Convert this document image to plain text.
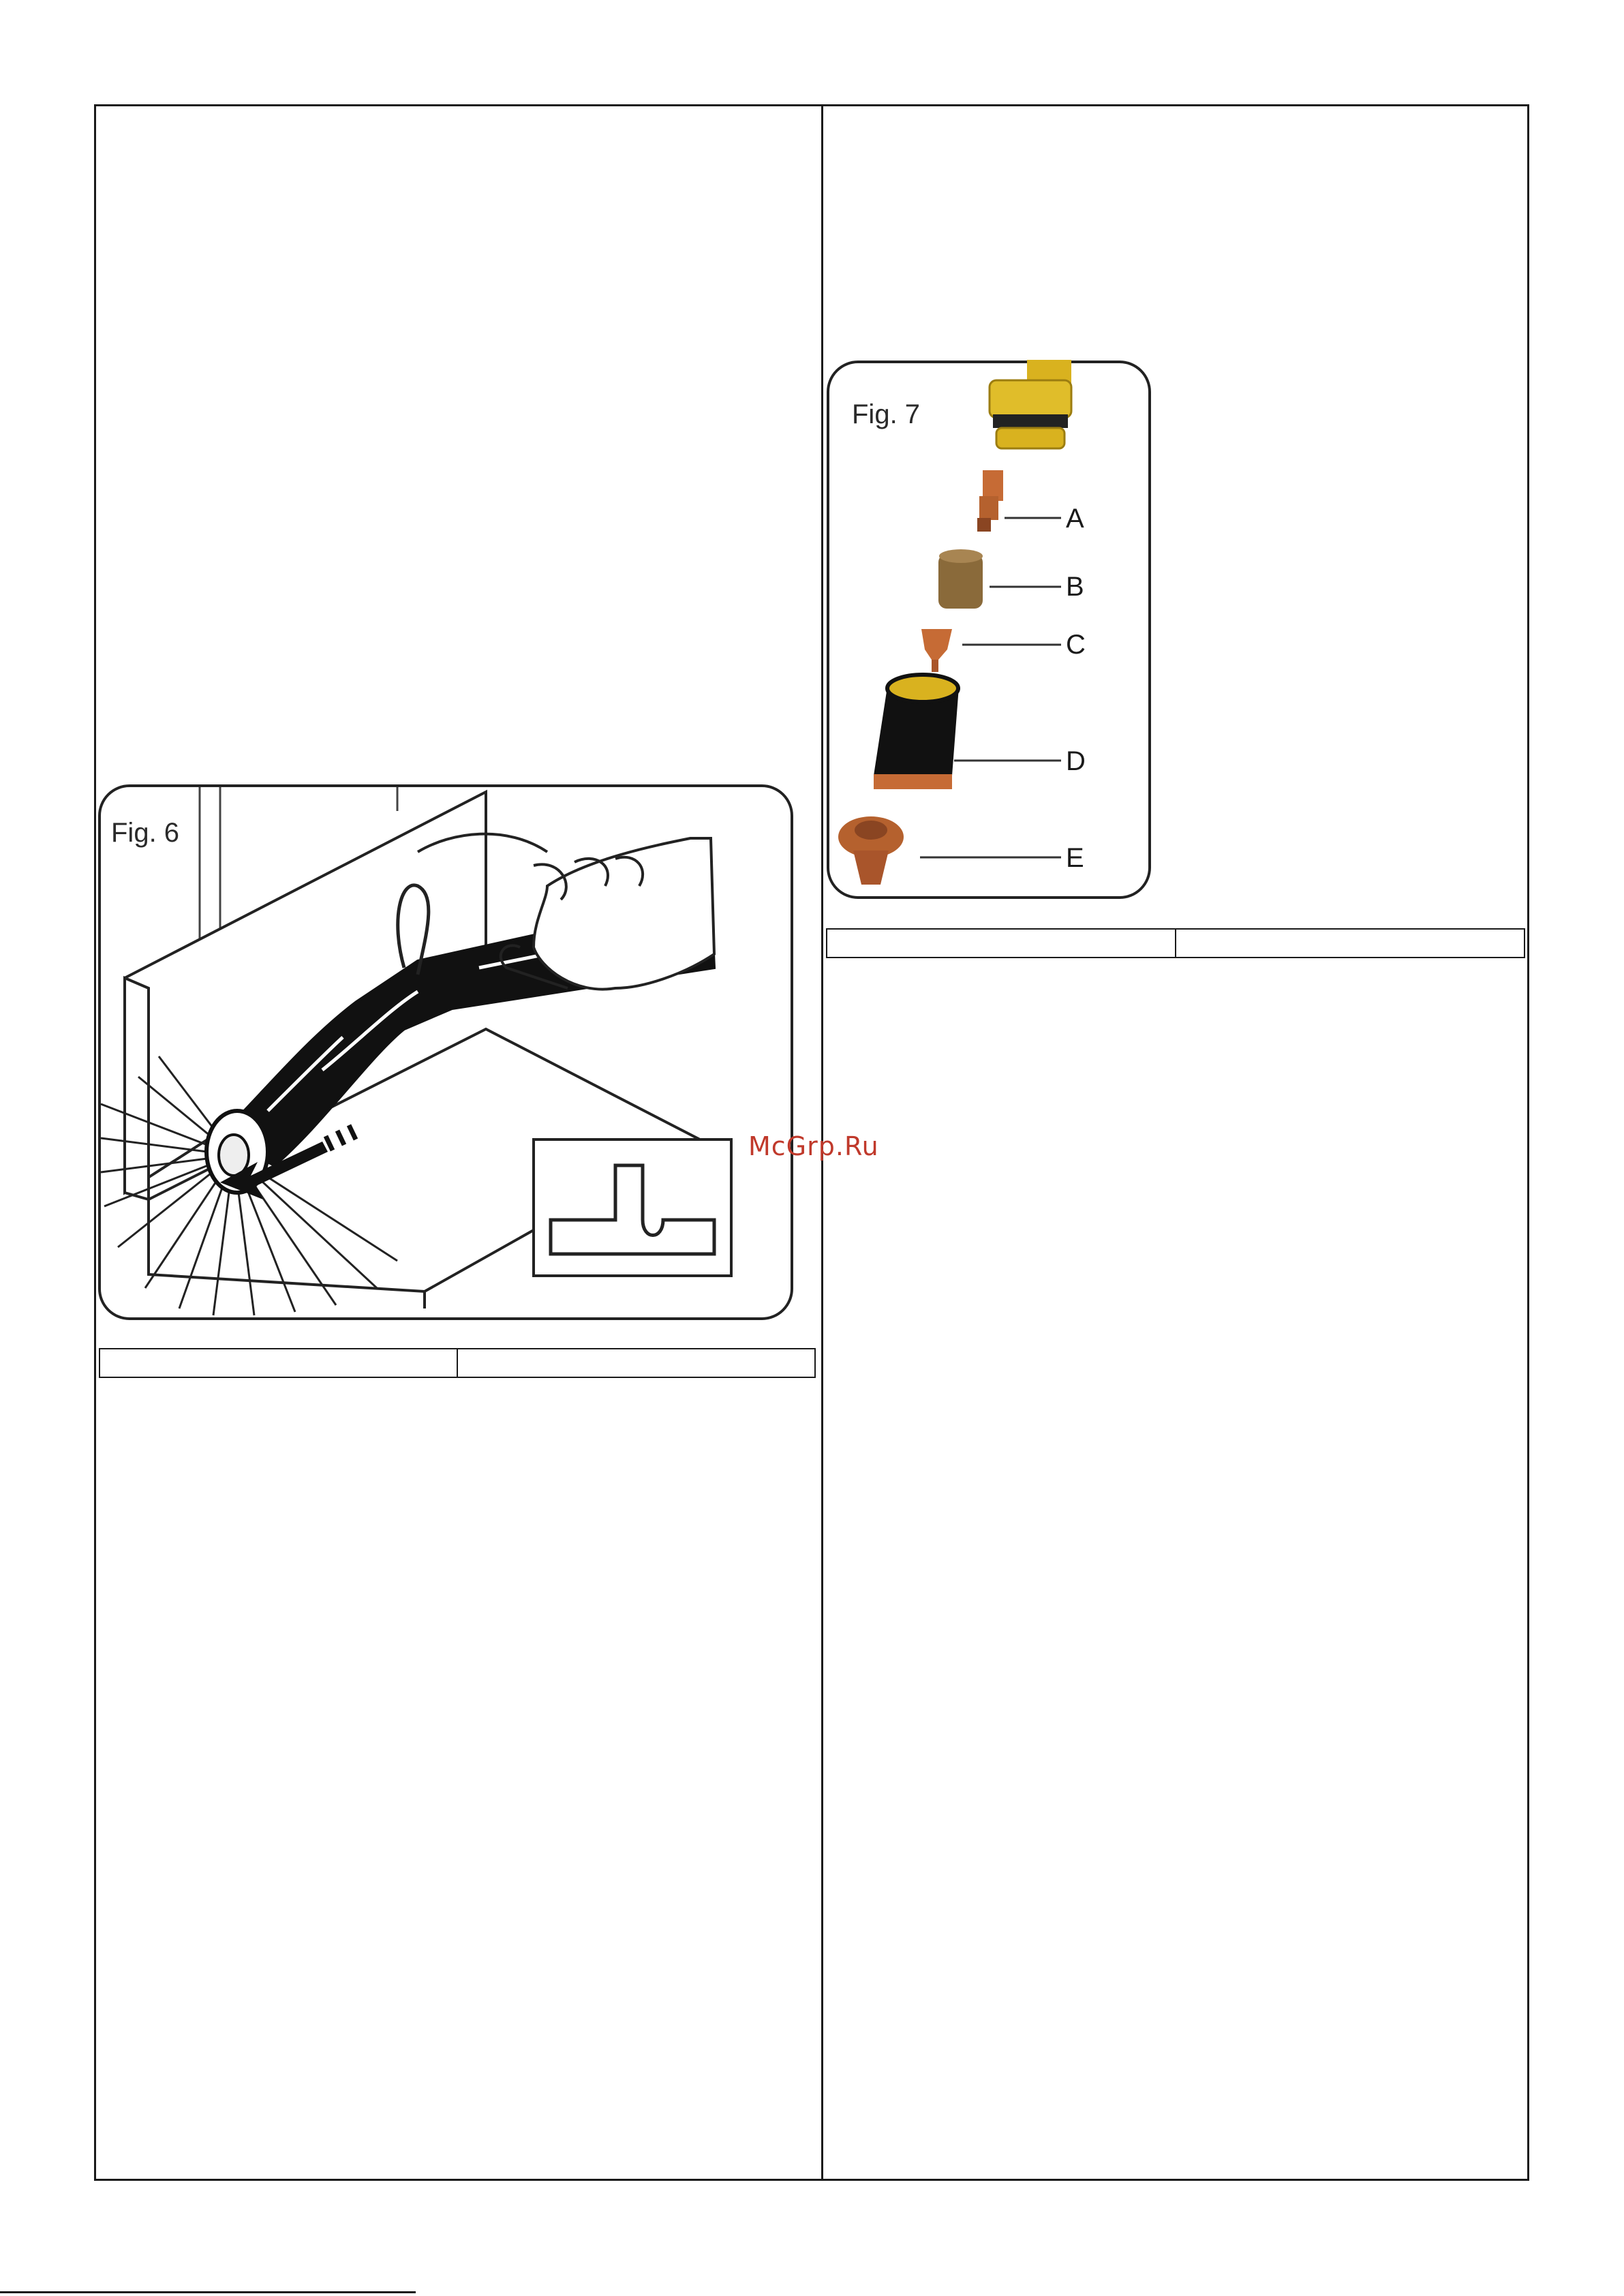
Fig. 6
Fig. 7
A
B
C
D
E
McGrp.Ru
